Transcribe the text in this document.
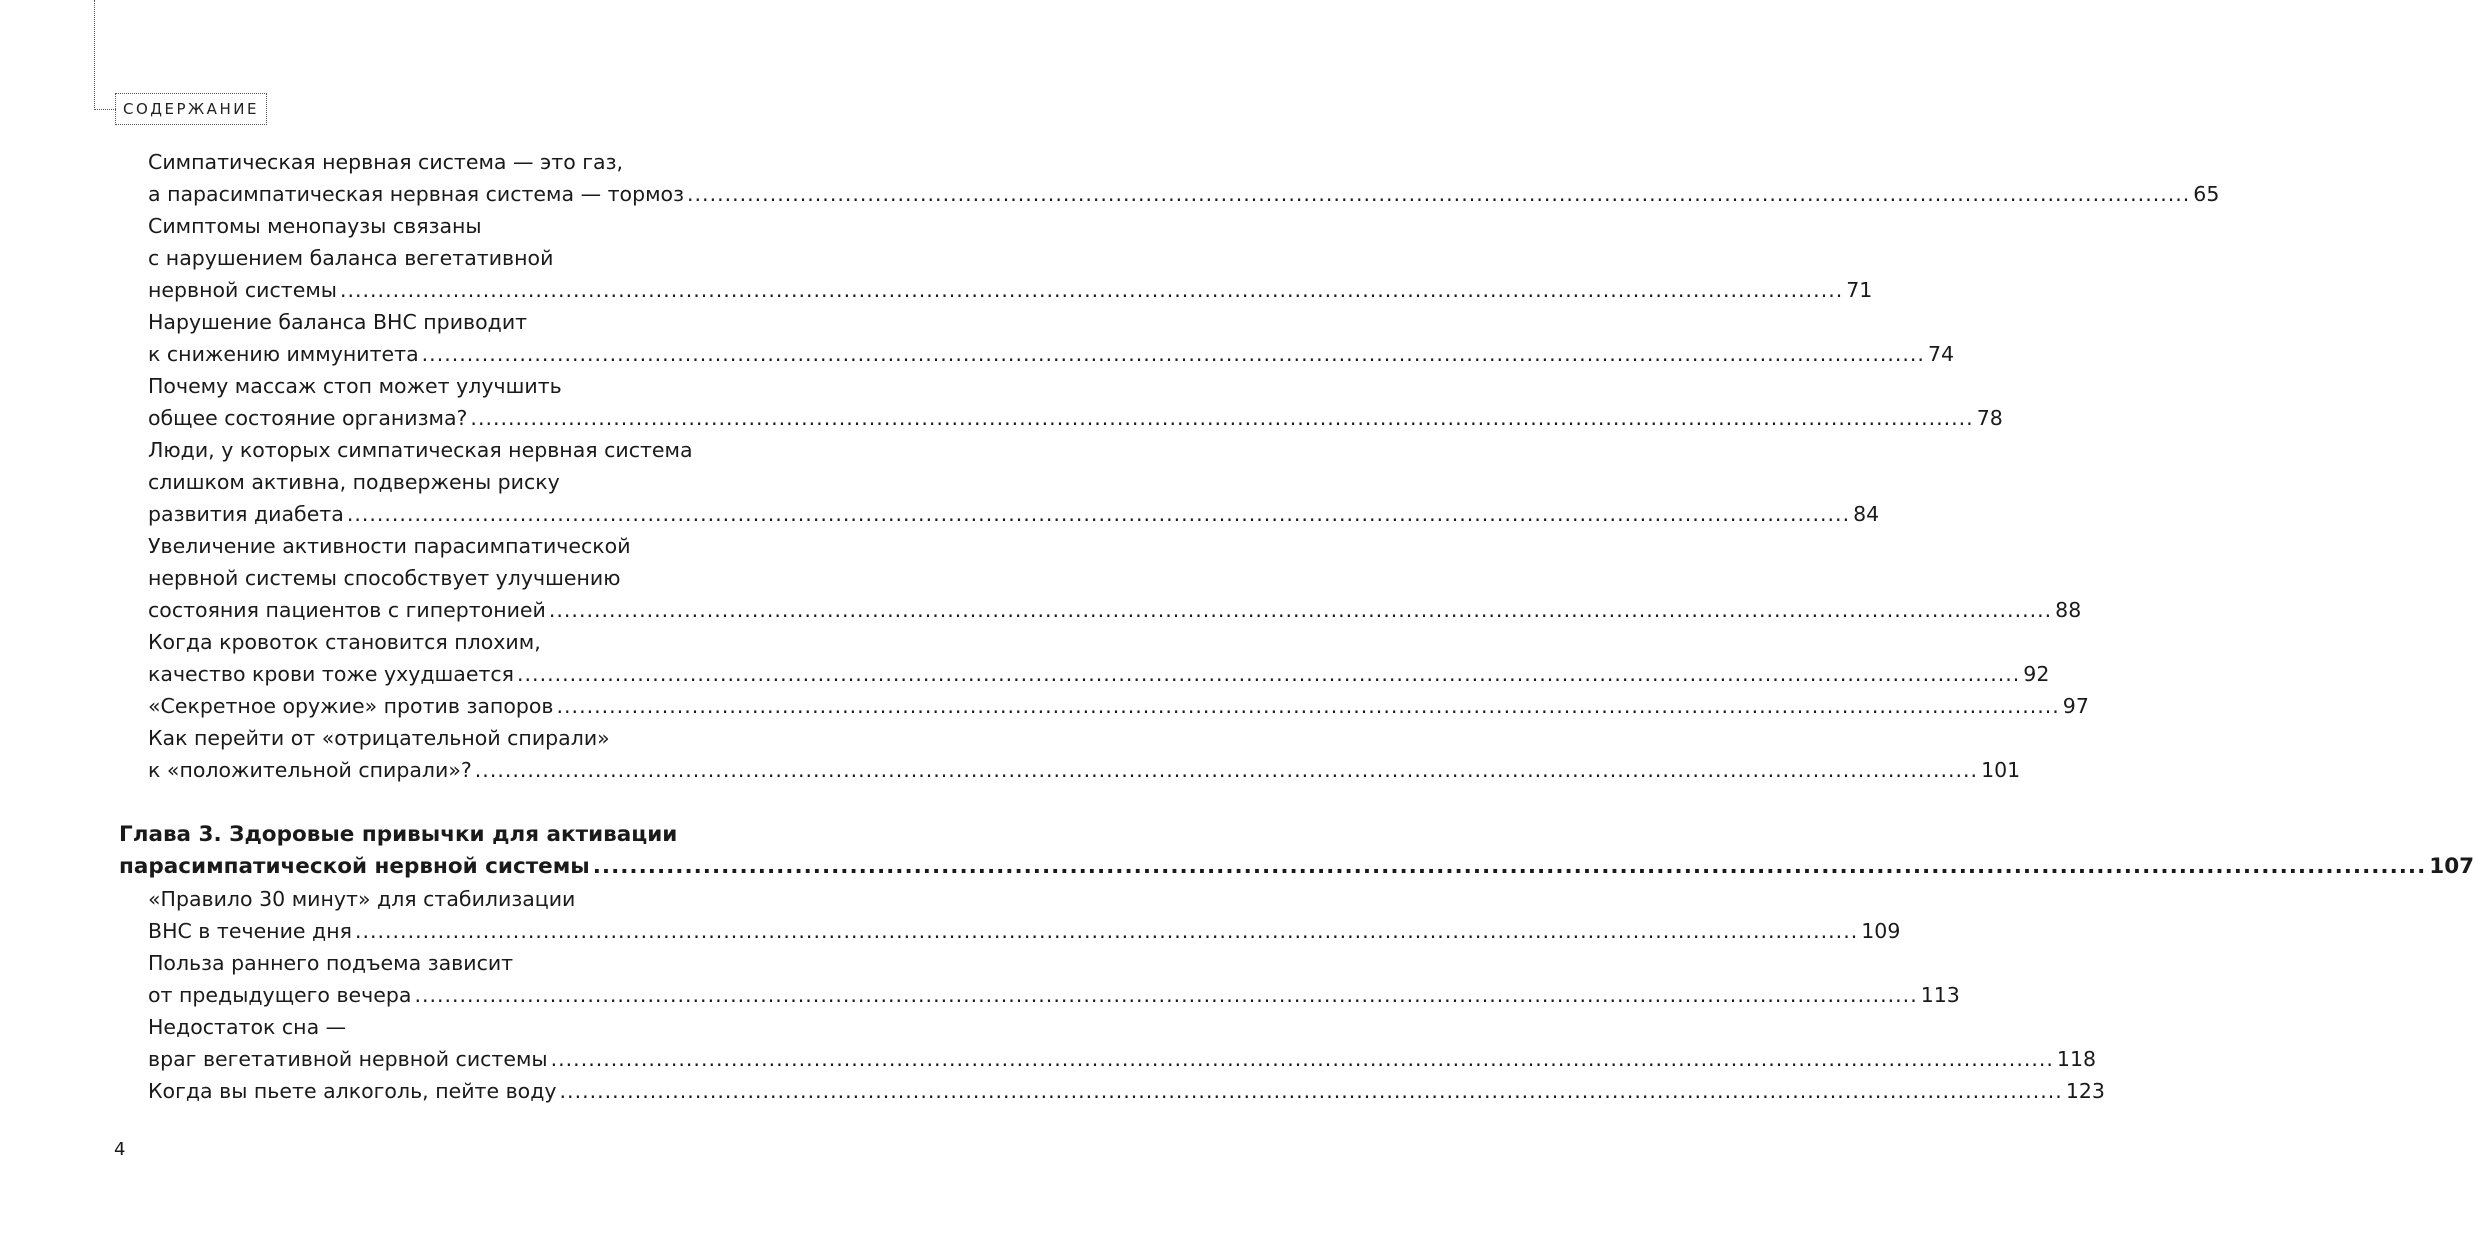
СОДЕРЖАНИЕ
Симпатическая нервная система — это газ,
а парасимпатическая нервная система — тормоз ........................................................................................................................................................................................................ 65
Симптомы менопаузы связаны
с нарушением баланса вегетативной
нервной системы ........................................................................................................................................................................................................ 71
Нарушение баланса ВНС приводит
к снижению иммунитета ........................................................................................................................................................................................................ 74
Почему массаж стоп может улучшить
общее состояние организма? ........................................................................................................................................................................................................ 78
Люди, у которых симпатическая нервная система
слишком активна, подвержены риску
развития диабета ........................................................................................................................................................................................................ 84
Увеличение активности парасимпатической
нервной системы способствует улучшению
состояния пациентов с гипертонией ........................................................................................................................................................................................................ 88
Когда кровоток становится плохим,
качество крови тоже ухудшается ........................................................................................................................................................................................................ 92
«Секретное оружие» против запоров ........................................................................................................................................................................................................ 97
Как перейти от «отрицательной спирали»
к «положительной спирали»? ........................................................................................................................................................................................................ 101
Глава 3. Здоровые привычки для активации
парасимпатической нервной системы ........................................................................................................................................................................................................ 107
«Правило 30 минут» для стабилизации
ВНС в течение дня ........................................................................................................................................................................................................ 109
Польза раннего подъема зависит
от предыдущего вечера ........................................................................................................................................................................................................ 113
Недостаток сна —
враг вегетативной нервной системы ........................................................................................................................................................................................................ 118
Когда вы пьете алкоголь, пейте воду ........................................................................................................................................................................................................ 123
4
